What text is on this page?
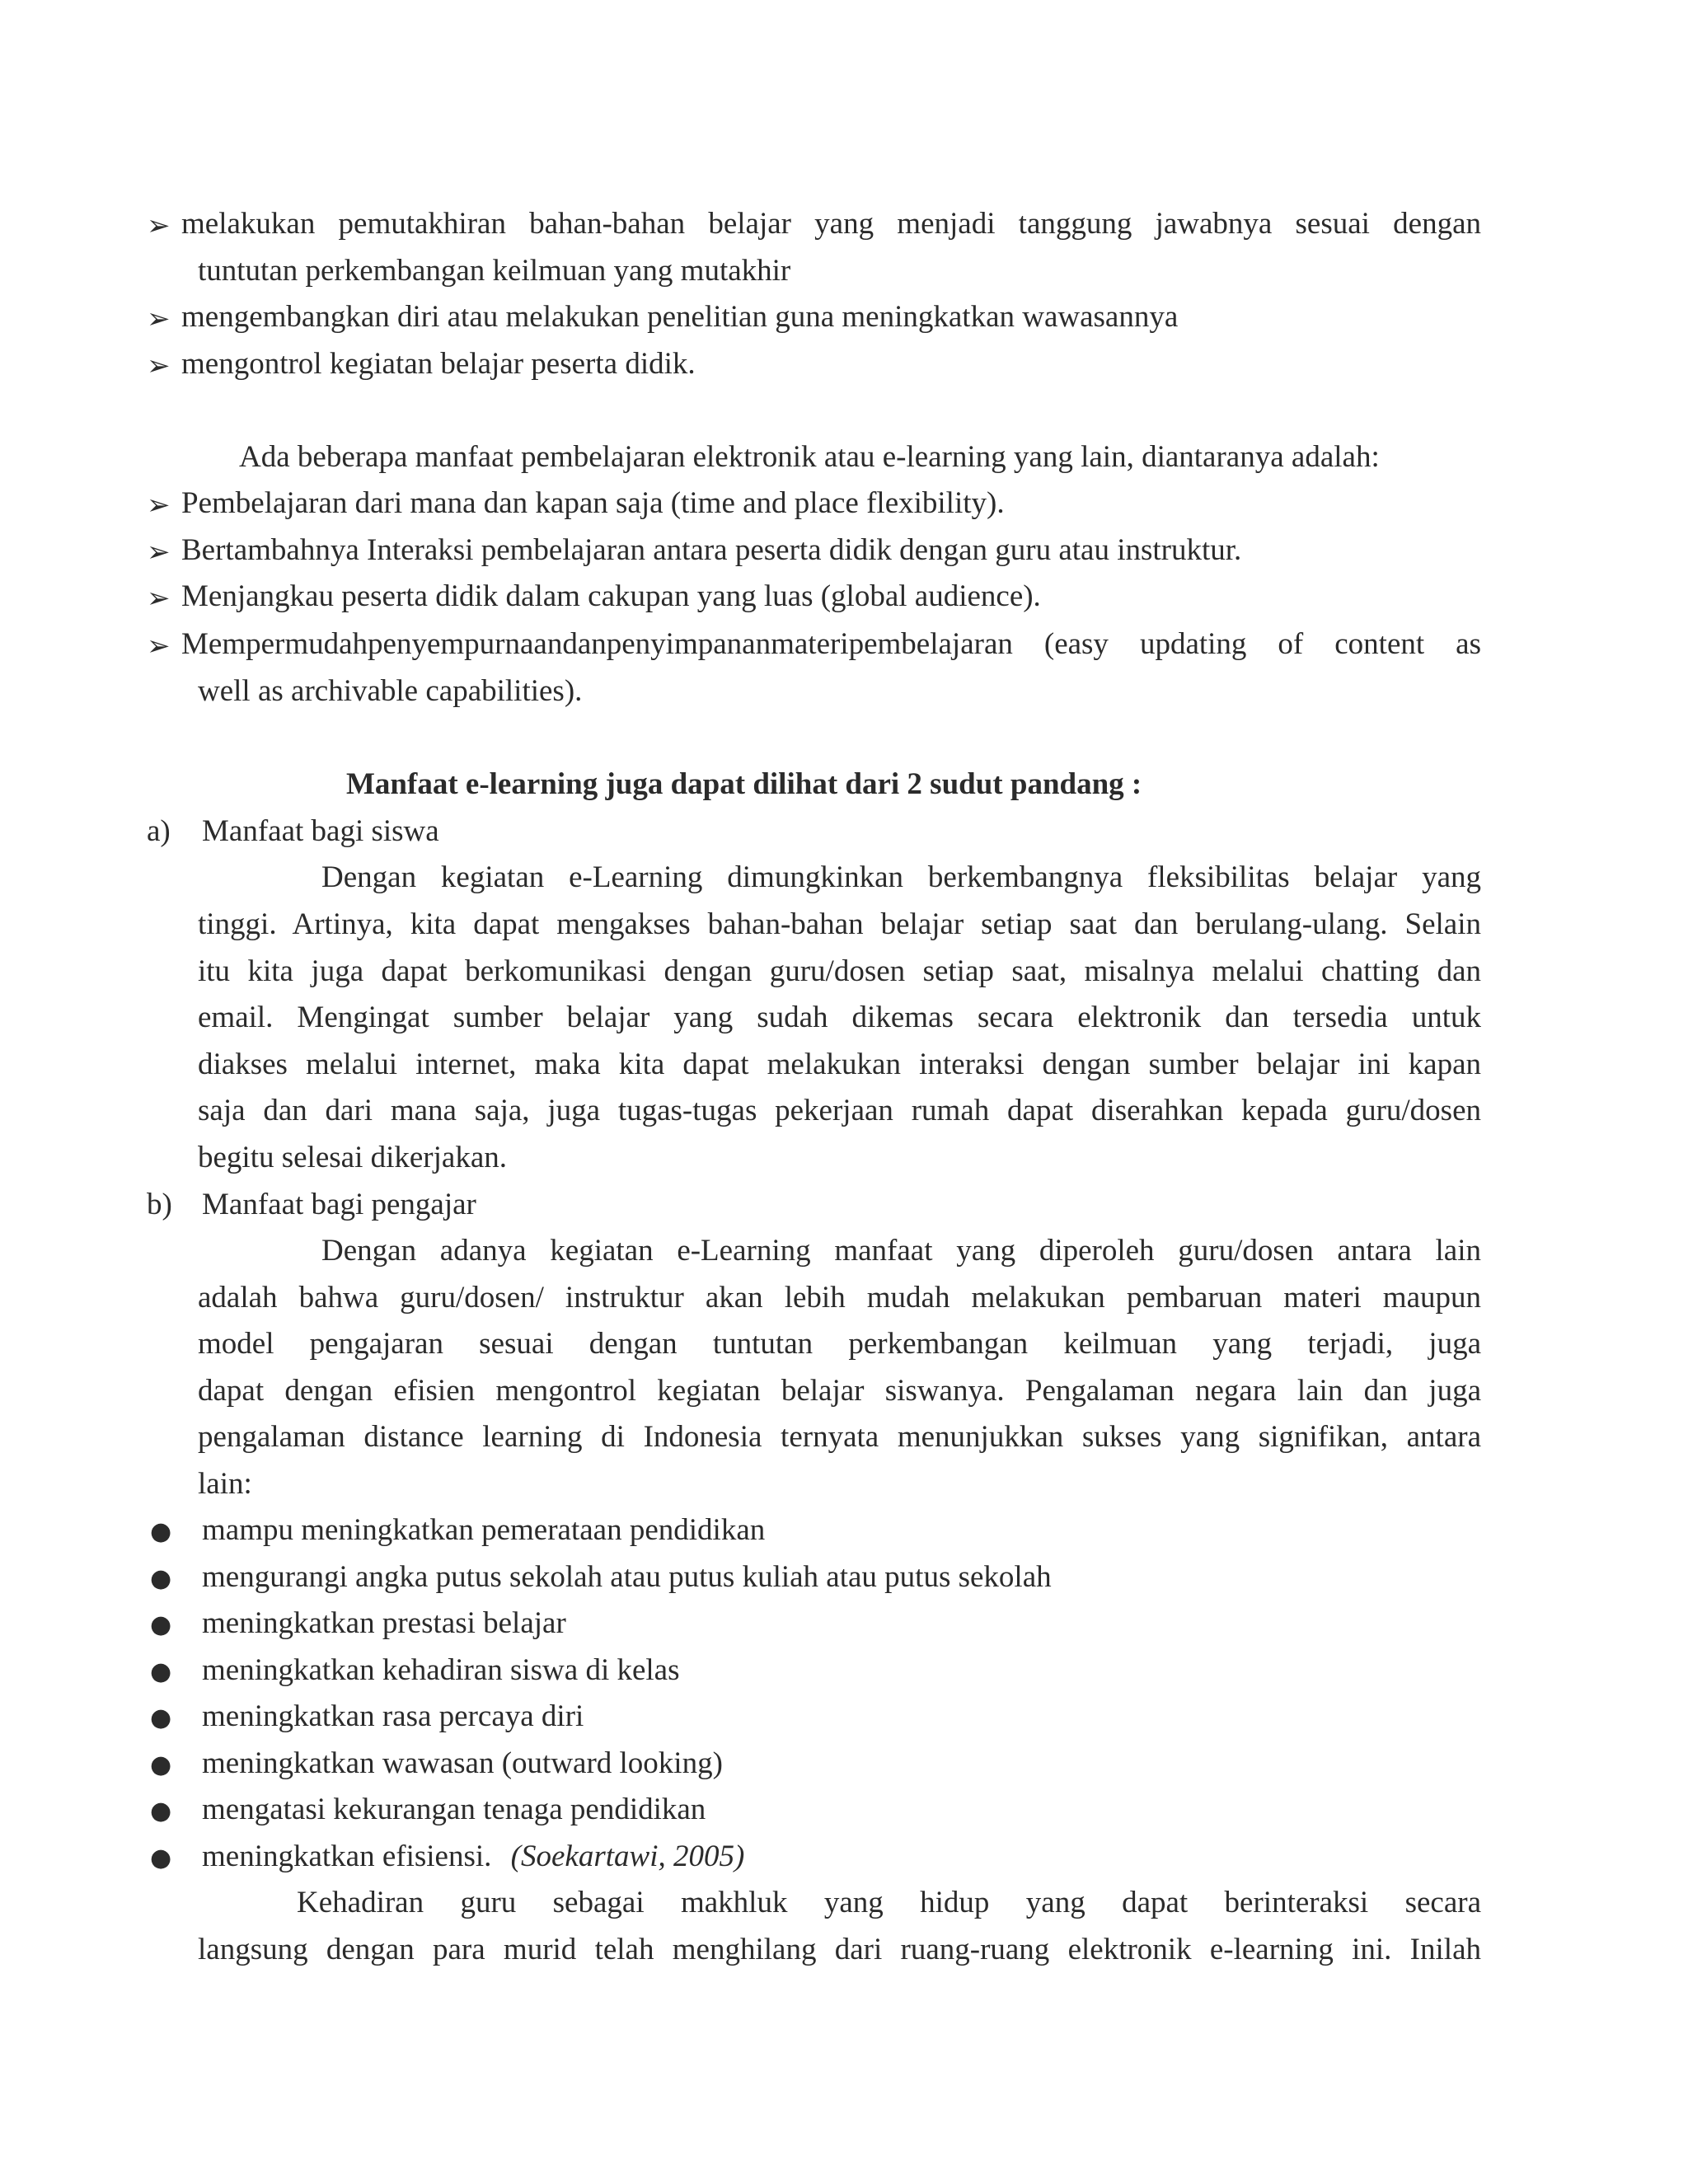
➢ melakukan pemutakhiran bahan-bahan belajar yang menjadi tanggung jawabnya sesuai dengan
tuntutan perkembangan keilmuan yang mutakhir
➢ mengembangkan diri atau melakukan penelitian guna meningkatkan wawasannya
➢ mengontrol kegiatan belajar peserta didik.
Ada beberapa manfaat pembelajaran elektronik atau e-learning yang lain, diantaranya adalah:
➢ Pembelajaran dari mana dan kapan saja (time and place flexibility).
➢ Bertambahnya Interaksi pembelajaran antara peserta didik dengan guru atau instruktur.
➢ Menjangkau peserta didik dalam cakupan yang luas (global audience).
➢ Mempermudahpenyempurnaandanpenyimpananmateripembelajaran (easy updating of content as
well as archivable capabilities).
Manfaat e-learning juga dapat dilihat dari 2 sudut pandang :
a) Manfaat bagi siswa
Dengan kegiatan e-Learning dimungkinkan berkembangnya fleksibilitas belajar yang
tinggi. Artinya, kita dapat mengakses bahan-bahan belajar setiap saat dan berulang-ulang. Selain
itu kita juga dapat berkomunikasi dengan guru/dosen setiap saat, misalnya melalui chatting dan
email. Mengingat sumber belajar yang sudah dikemas secara elektronik dan tersedia untuk
diakses melalui internet, maka kita dapat melakukan interaksi dengan sumber belajar ini kapan
saja dan dari mana saja, juga tugas-tugas pekerjaan rumah dapat diserahkan kepada guru/dosen
begitu selesai dikerjakan.
b) Manfaat bagi pengajar
Dengan adanya kegiatan e-Learning manfaat yang diperoleh guru/dosen antara lain
adalah bahwa guru/dosen/ instruktur akan lebih mudah melakukan pembaruan materi maupun
model pengajaran sesuai dengan tuntutan perkembangan keilmuan yang terjadi, juga
dapat dengan efisien mengontrol kegiatan belajar siswanya. Pengalaman negara lain dan juga
pengalaman distance learning di Indonesia ternyata menunjukkan sukses yang signifikan, antara
lain:
● mampu meningkatkan pemerataan pendidikan
● mengurangi angka putus sekolah atau putus kuliah atau putus sekolah
● meningkatkan prestasi belajar
● meningkatkan kehadiran siswa di kelas
● meningkatkan rasa percaya diri
● meningkatkan wawasan (outward looking)
● mengatasi kekurangan tenaga pendidikan
● meningkatkan efisiensi. (Soekartawi, 2005)
Kehadiran guru sebagai makhluk yang hidup yang dapat berinteraksi secara
langsung dengan para murid telah menghilang dari ruang-ruang elektronik e-learning ini. Inilah
